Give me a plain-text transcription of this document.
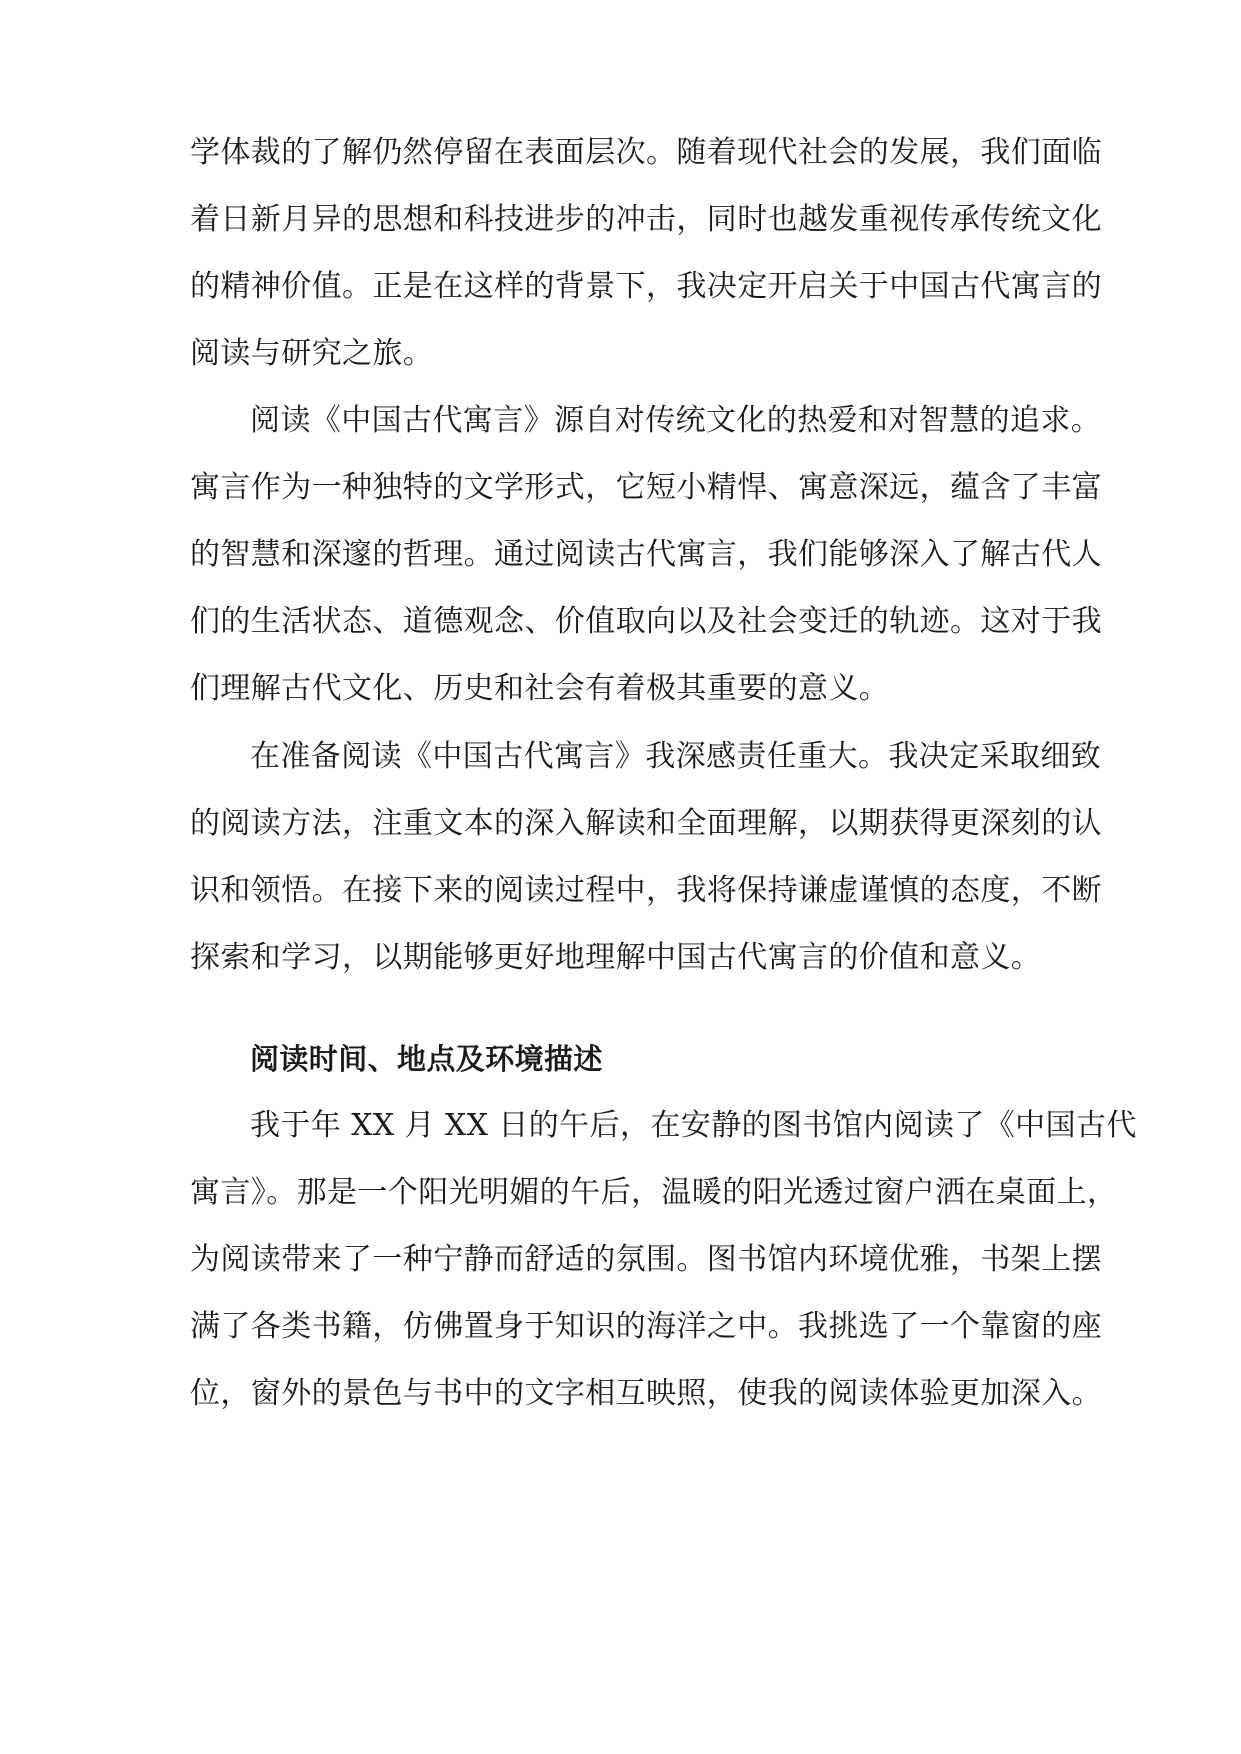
学体裁的了解仍然停留在表面层次。随着现代社会的发展，我们面临
着日新月异的思想和科技进步的冲击，同时也越发重视传承传统文化
的精神价值。正是在这样的背景下，我决定开启关于中国古代寓言的
阅读与研究之旅。
阅读《中国古代寓言》源自对传统文化的热爱和对智慧的追求。
寓言作为一种独特的文学形式，它短小精悍、寓意深远，蕴含了丰富
的智慧和深邃的哲理。通过阅读古代寓言，我们能够深入了解古代人
们的生活状态、道德观念、价值取向以及社会变迁的轨迹。这对于我
们理解古代文化、历史和社会有着极其重要的意义。
在准备阅读《中国古代寓言》我深感责任重大。我决定采取细致
的阅读方法，注重文本的深入解读和全面理解，以期获得更深刻的认
识和领悟。在接下来的阅读过程中，我将保持谦虚谨慎的态度，不断
探索和学习，以期能够更好地理解中国古代寓言的价值和意义。
阅读时间、地点及环境描述
我于年 XX 月 XX 日的午后，在安静的图书馆内阅读了《中国古代
寓言》。那是一个阳光明媚的午后，温暖的阳光透过窗户洒在桌面上，
为阅读带来了一种宁静而舒适的氛围。图书馆内环境优雅，书架上摆
满了各类书籍，仿佛置身于知识的海洋之中。我挑选了一个靠窗的座
位，窗外的景色与书中的文字相互映照，使我的阅读体验更加深入。
